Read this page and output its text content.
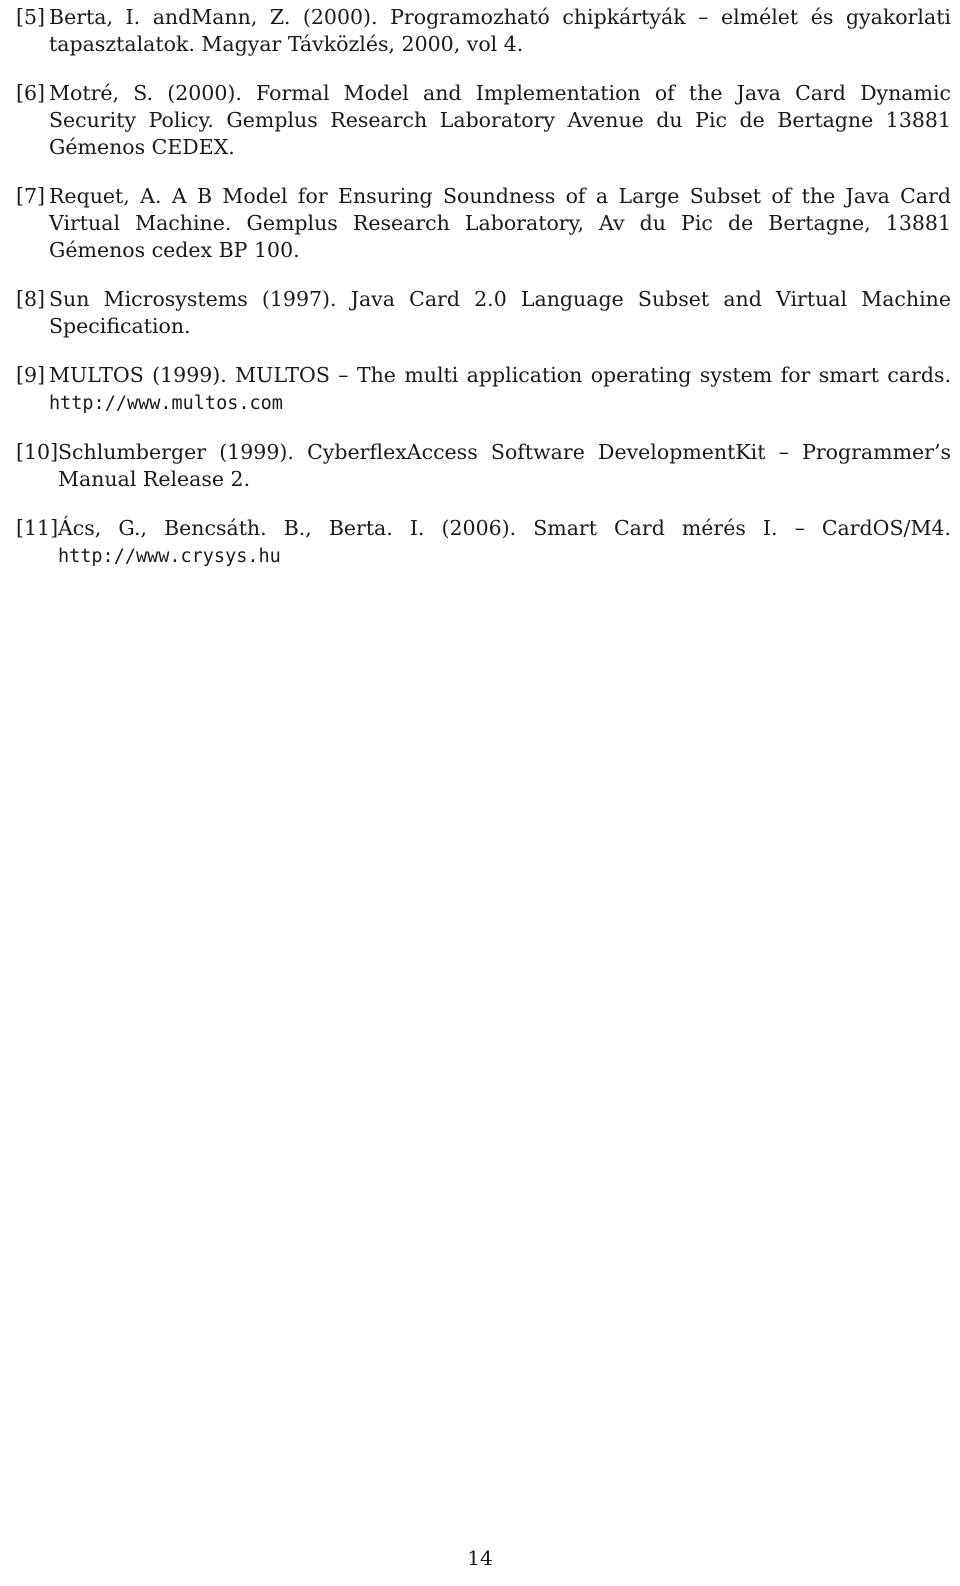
[5] Berta, I. andMann, Z. (2000). Programozható chipkártyák – elmélet és gyakorlati tapasztalatok. Magyar Távközlés, 2000, vol 4.
[6] Motré, S. (2000). Formal Model and Implementation of the Java Card Dynamic Security Policy. Gemplus Research Laboratory Avenue du Pic de Bertagne 13881 Gémenos CEDEX.
[7] Requet, A. A B Model for Ensuring Soundness of a Large Subset of the Java Card Virtual Machine. Gemplus Research Laboratory, Av du Pic de Bertagne, 13881 Gémenos cedex BP 100.
[8] Sun Microsystems (1997). Java Card 2.0 Language Subset and Virtual Machine Specification.
[9] MULTOS (1999). MULTOS – The multi application operating system for smart cards. http://www.multos.com
[10] Schlumberger (1999). CyberflexAccess Software DevelopmentKit – Programmer’s Manual Release 2.
[11] Ács, G., Bencsáth. B., Berta. I. (2006). Smart Card mérés I. – CardOS/M4. http://www.crysys.hu
14
